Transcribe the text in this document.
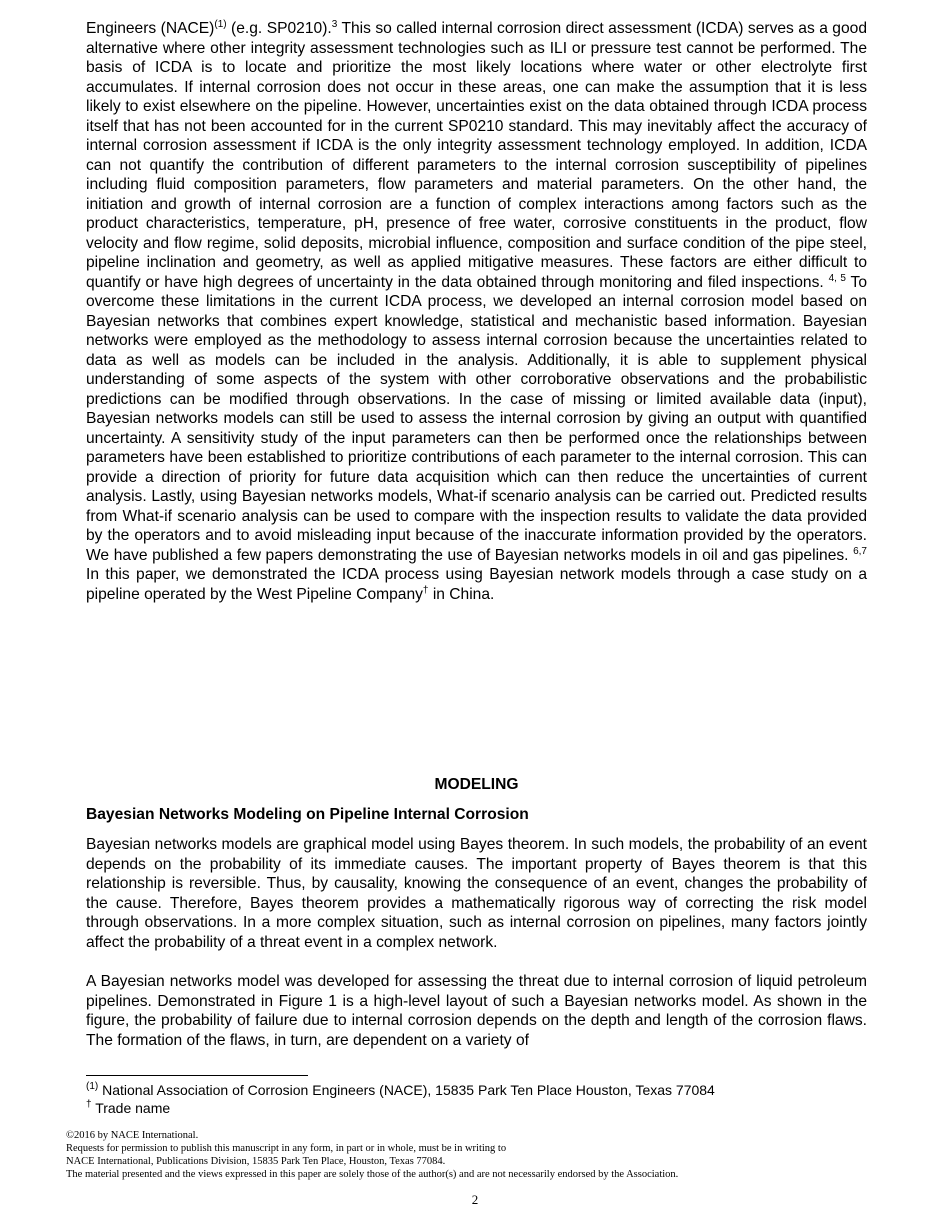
Engineers (NACE)$^{(1)}$ (e.g. SP0210).$^3$ This so called internal corrosion direct assessment (ICDA) serves as a good alternative where other integrity assessment technologies such as ILI or pressure test cannot be performed. The basis of ICDA is to locate and prioritize the most likely locations where water or other electrolyte first accumulates. If internal corrosion does not occur in these areas, one can make the assumption that it is less likely to exist elsewhere on the pipeline. However, uncertainties exist on the data obtained through ICDA process itself that has not been accounted for in the current SP0210 standard. This may inevitably affect the accuracy of internal corrosion assessment if ICDA is the only integrity assessment technology employed. In addition, ICDA can not quantify the contribution of different parameters to the internal corrosion susceptibility of pipelines including fluid composition parameters, flow parameters and material parameters. On the other hand, the initiation and growth of internal corrosion are a function of complex interactions among factors such as the product characteristics, temperature, pH, presence of free water, corrosive constituents in the product, flow velocity and flow regime, solid deposits, microbial influence, composition and surface condition of the pipe steel, pipeline inclination and geometry, as well as applied mitigative measures. These factors are either difficult to quantify or have high degrees of uncertainty in the data obtained through monitoring and filed inspections. $^{4, 5}$ To overcome these limitations in the current ICDA process, we developed an internal corrosion model based on Bayesian networks that combines expert knowledge, statistical and mechanistic based information. Bayesian networks were employed as the methodology to assess internal corrosion because the uncertainties related to data as well as models can be included in the analysis. Additionally, it is able to supplement physical understanding of some aspects of the system with other corroborative observations and the probabilistic predictions can be modified through observations. In the case of missing or limited available data (input), Bayesian networks models can still be used to assess the internal corrosion by giving an output with quantified uncertainty. A sensitivity study of the input parameters can then be performed once the relationships between parameters have been established to prioritize contributions of each parameter to the internal corrosion. This can provide a direction of priority for future data acquisition which can then reduce the uncertainties of current analysis. Lastly, using Bayesian networks models, What-if scenario analysis can be carried out. Predicted results from What-if scenario analysis can be used to compare with the inspection results to validate the data provided by the operators and to avoid misleading input because of the inaccurate information provided by the operators. We have published a few papers demonstrating the use of Bayesian networks models in oil and gas pipelines. $^{6,7}$ In this paper, we demonstrated the ICDA process using Bayesian network models through a case study on a pipeline operated by the West Pipeline Company† in China.

MODELING
Bayesian Networks Modeling on Pipeline Internal Corrosion

Bayesian networks models are graphical model using Bayes theorem. In such models, the probability of an event depends on the probability of its immediate causes. The important property of Bayes theorem is that this relationship is reversible. Thus, by causality, knowing the consequence of an event, changes the probability of the cause. Therefore, Bayes theorem provides a mathematically rigorous way of correcting the risk model through observations. In a more complex situation, such as internal corrosion on pipelines, many factors jointly affect the probability of a threat event in a complex network.

A Bayesian networks model was developed for assessing the threat due to internal corrosion of liquid petroleum pipelines. Demonstrated in Figure 1 is a high-level layout of such a Bayesian networks model. As shown in the figure, the probability of failure due to internal corrosion depends on the depth and length of the corrosion flaws. The formation of the flaws, in turn, are dependent on a variety of

$^{(1)}$ National Association of Corrosion Engineers (NACE), 15835 Park Ten Place Houston, Texas 77084

† Trade name

©2016 by NACE International.
Requests for permission to publish this manuscript in any form, in part or in whole, must be in writing to
NACE International, Publications Division, 15835 Park Ten Place, Houston, Texas 77084.
The material presented and the views expressed in this paper are solely those of the author(s) and are not necessarily endorsed by the Association.
2
